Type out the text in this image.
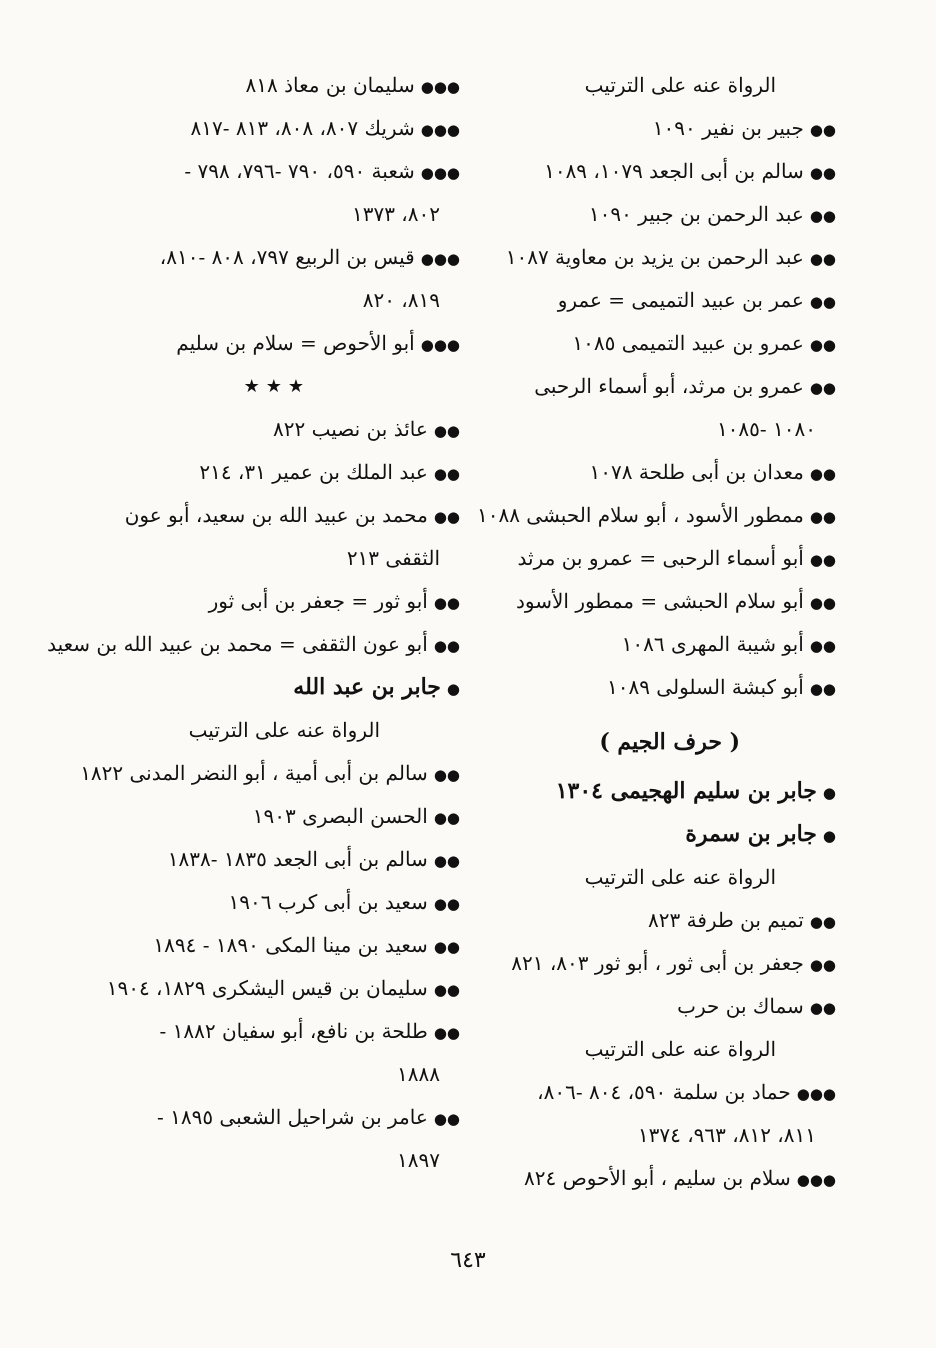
الرواة عنه على الترتيب
●●جبير بن نفير ١٠٩٠
●●سالم بن أبى الجعد ١٠٧٩، ١٠٨٩
●●عبد الرحمن بن جبير ١٠٩٠
●●عبد الرحمن بن يزيد بن معاوية ١٠٨٧
●●عمر بن عبيد التميمى = عمرو
●●عمرو بن عبيد التميمى ١٠٨٥
●●عمرو بن مرثد، أبو أسماء الرحبى
١٠٨٠ -١٠٨٥
●●معدان بن أبى طلحة ١٠٧٨
●●ممطور الأسود ، أبو سلام الحبشى ١٠٨٨
●●أبو أسماء الرحبى = عمرو بن مرثد
●●أبو سلام الحبشى = ممطور الأسود
●●أبو شيبة المهرى ١٠٨٦
●●أبو كبشة السلولى ١٠٨٩
( حرف الجيم )
●جابر بن سليم الهجيمى ١٣٠٤
●جابر بن سمرة
الرواة عنه على الترتيب
●●تميم بن طرفة ٨٢٣
●●جعفر بن أبى ثور ، أبو ثور ٨٠٣، ٨٢١
●●سماك بن حرب
الرواة عنه على الترتيب
●●●حماد بن سلمة ٥٩٠، ٨٠٤ -٨٠٦،
٨١١، ٨١٢، ٩٦٣، ١٣٧٤
●●●سلام بن سليم ، أبو الأحوص ٨٢٤
●●●سليمان بن معاذ ٨١٨
●●●شريك ٨٠٧، ٨٠٨، ٨١٣ -٨١٧
●●●شعبة ٥٩٠، ٧٩٠ -٧٩٦، ٧٩٨ -
٨٠٢، ١٣٧٣
●●●قيس بن الربيع ٧٩٧، ٨٠٨ -٨١٠،
٨١٩، ٨٢٠
●●●أبو الأحوص = سلام بن سليم
★★★
●●عائذ بن نصيب ٨٢٢
●●عبد الملك بن عمير ٣١، ٢١٤
●●محمد بن عبيد الله بن سعيد، أبو عون
الثقفى ٢١٣
●●أبو ثور = جعفر بن أبى ثور
●●أبو عون الثقفى = محمد بن عبيد الله بن سعيد
●جابر بن عبد الله
الرواة عنه على الترتيب
●●سالم بن أبى أمية ، أبو النضر المدنى ١٨٢٢
●●الحسن البصرى ١٩٠٣
●●سالم بن أبى الجعد ١٨٣٥ -١٨٣٨
●●سعيد بن أبى كرب ١٩٠٦
●●سعيد بن مينا المكى ١٨٩٠ - ١٨٩٤
●●سليمان بن قيس اليشكرى ١٨٢٩، ١٩٠٤
●●طلحة بن نافع، أبو سفيان ١٨٨٢ -
١٨٨٨
●●عامر بن شراحيل الشعبى ١٨٩٥ -
١٨٩٧
٦٤٣
